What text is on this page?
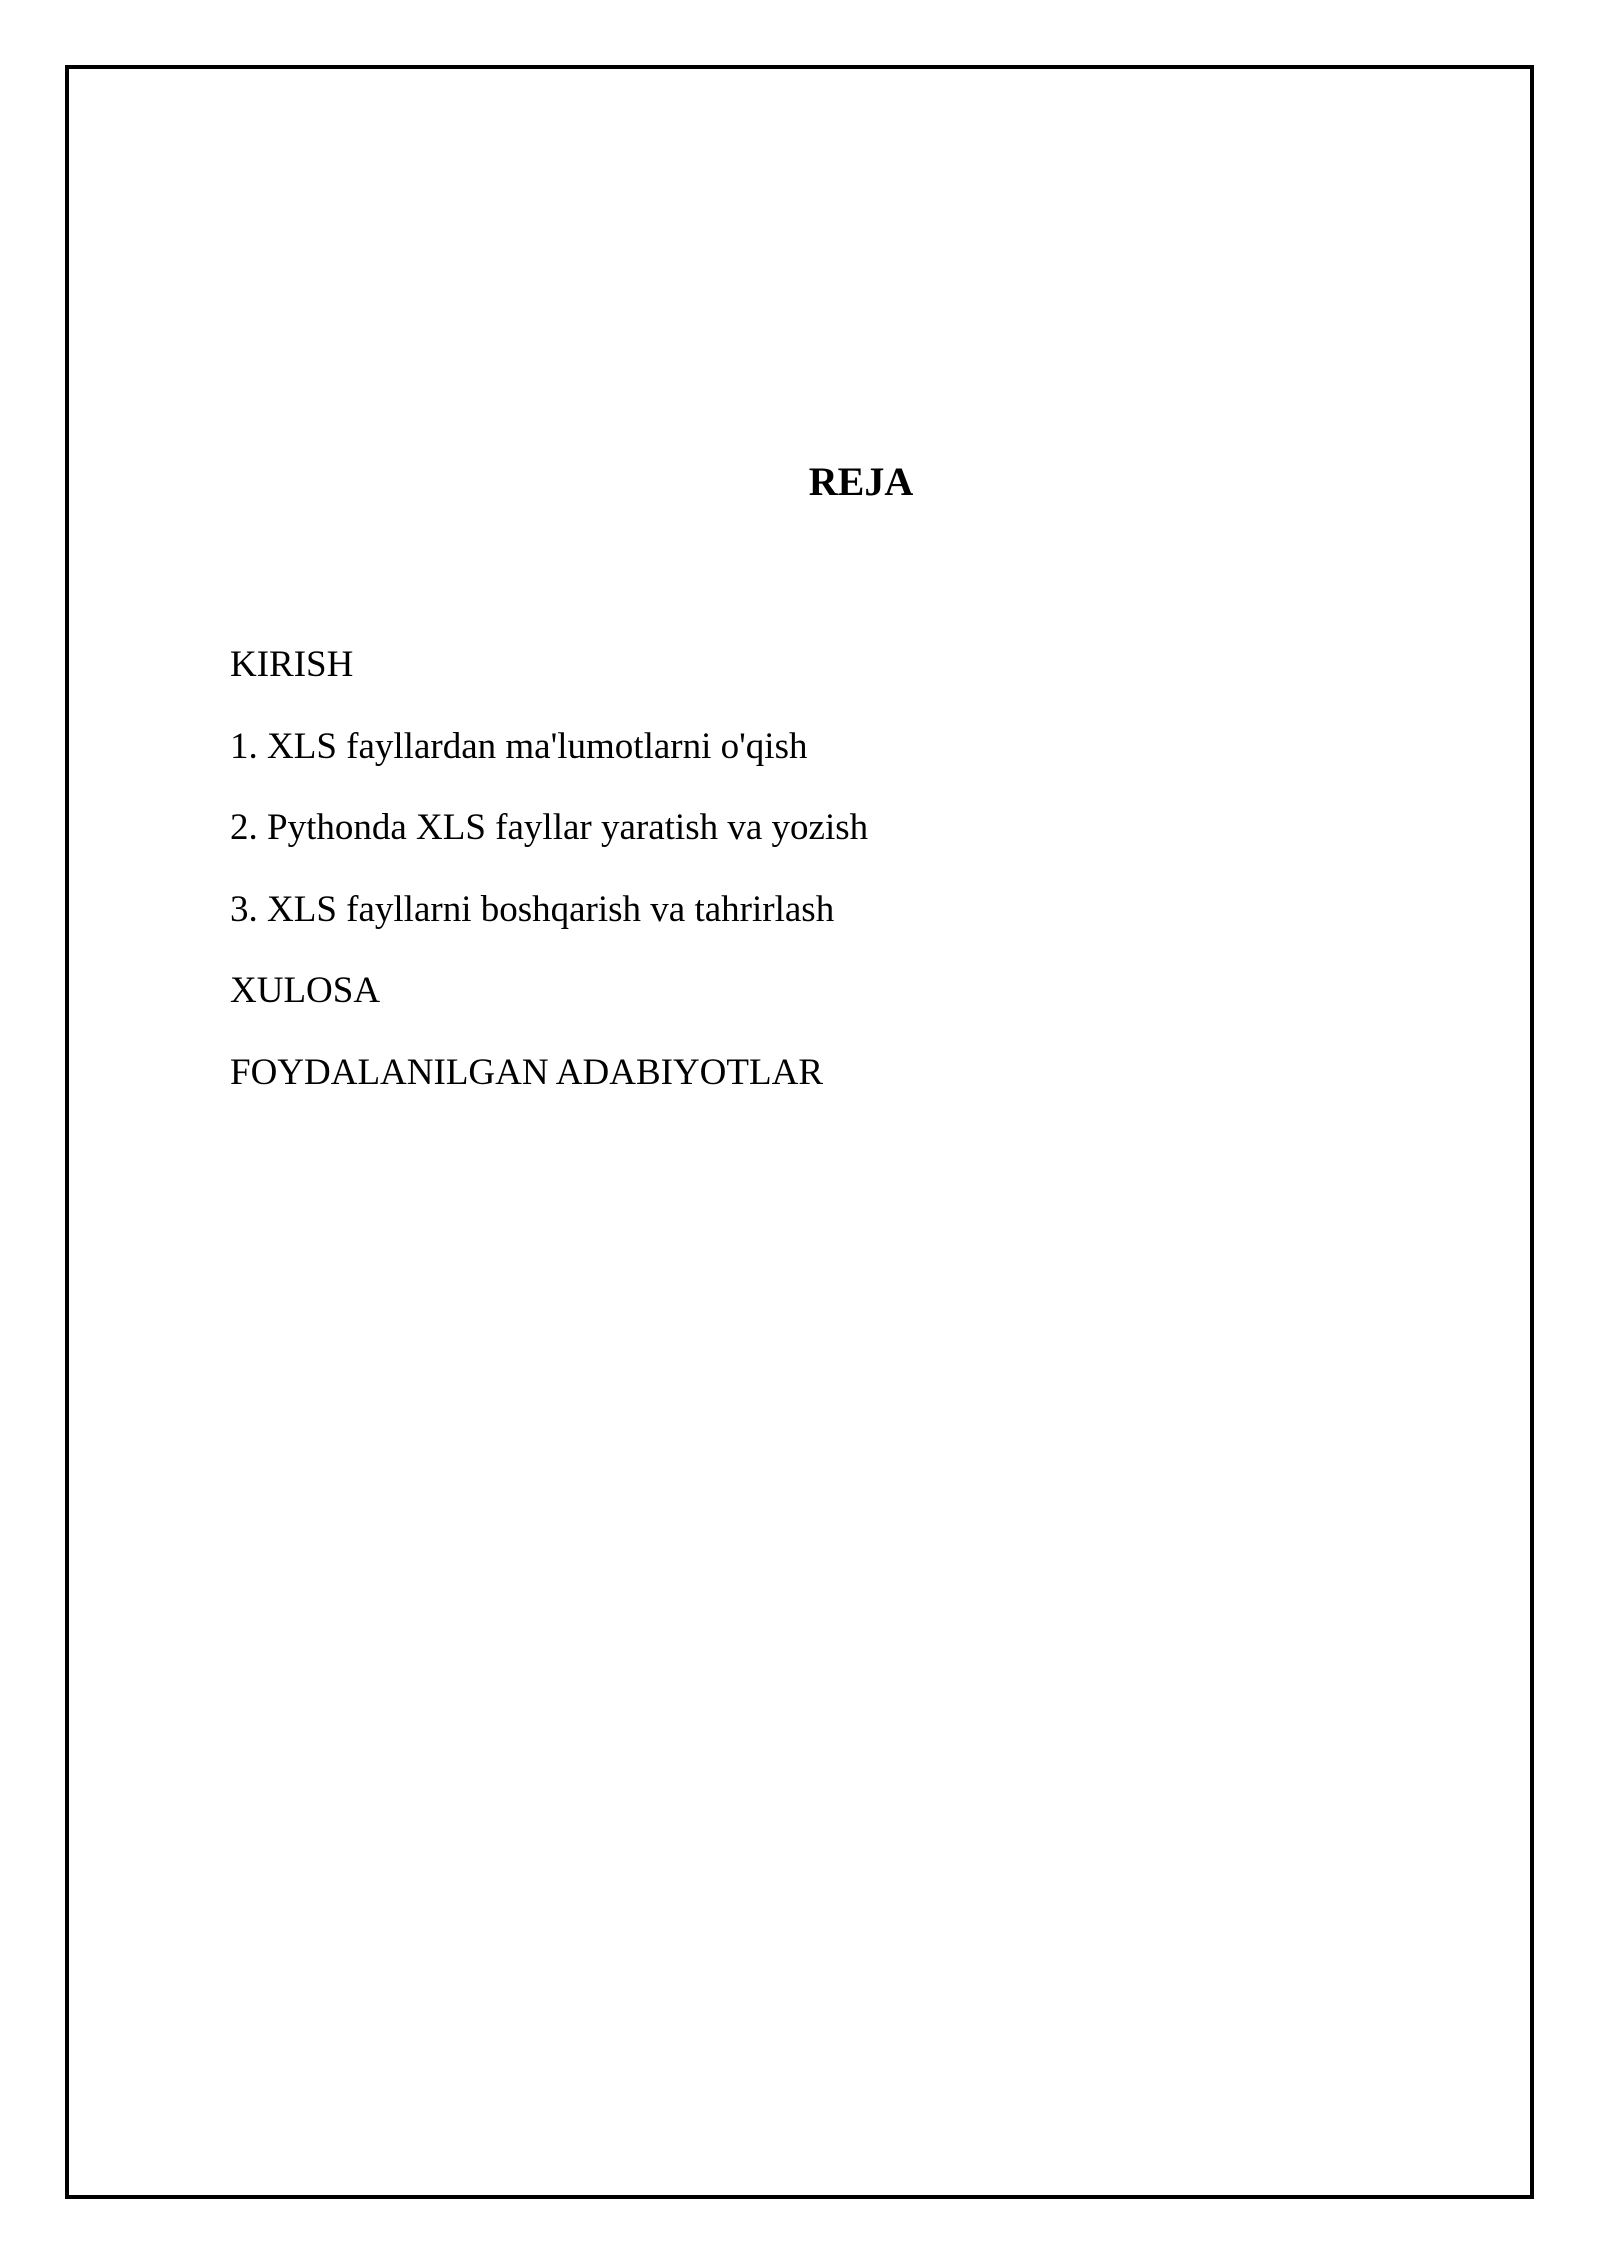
REJA
KIRISH
1. XLS fayllardan ma'lumotlarni o'qish
2. Pythonda XLS fayllar yaratish va yozish
3. XLS fayllarni boshqarish va tahrirlash
XULOSA
FOYDALANILGAN ADABIYOTLAR
